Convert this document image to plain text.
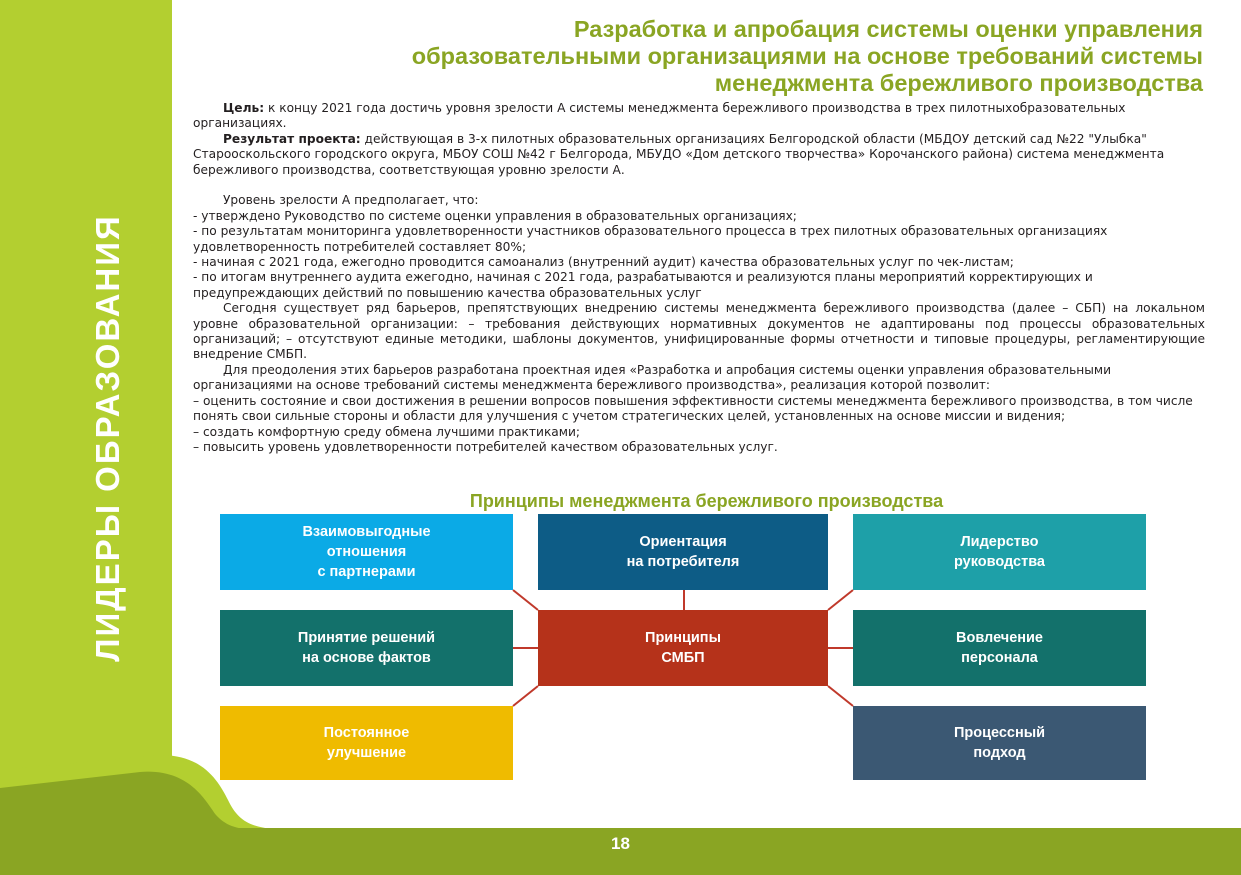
ЛИДЕРЫ ОБРАЗОВАНИЯ
18
Разработка и апробация системы оценки управления
образовательными организациями на основе требований системы
менеджмента бережливого производства

Цель: к концу 2021 года достичь уровня зрелости А системы менеджмента бережливого производства в трех пилотныхобразовательных организациях.

Результат проекта: действующая в 3-х пилотных образовательных организациях Белгородской области (МБДОУ детский сад №22 "Улыбка" Старооскольского городского округа, МБОУ СОШ №42 г Белгорода, МБУДО «Дом детского творчества» Корочанского района) система менеджмента бережливого производства, соответствующая уровню зрелости А.

Уровень зрелости А предполагает, что:

- утверждено Руководство по системе оценки управления в образовательных организациях;

- по результатам мониторинга удовлетворенности участников образовательного процесса в трех пилотных образовательных организациях удовлетворенность потребителей составляет 80%;

- начиная с 2021 года, ежегодно проводится самоанализ (внутренний аудит) качества образовательных услуг по чек-листам;

- по итогам внутреннего аудита ежегодно, начиная с 2021 года, разрабатываются и реализуются планы мероприятий корректирующих и предупреждающих действий по повышению качества образовательных услуг

Сегодня существует ряд барьеров, препятствующих внедрению системы менеджмента бережливого производства (далее – СБП) на локальном уровне образовательной организации: – требования действующих нормативных документов не адаптированы под процессы образовательных организаций; – отсутствуют единые методики, шаблоны документов, унифицированные формы отчетности и типовые процедуры, регламентирующие внедрение СМБП.

Для преодоления этих барьеров разработана проектная идея «Разработка и апробация системы оценки управления образовательными организациями на основе требований системы менеджмента бережливого производства», реализация которой позволит:

– оценить состояние и свои достижения в решении вопросов повышения эффективности системы менеджмента бережливого производства, в том числе понять свои сильные стороны и области для улучшения с учетом стратегических целей, установленных на основе миссии и видения;

– создать комфортную среду обмена лучшими практиками;

– повысить уровень удовлетворенности потребителей качеством образовательных услуг.

Принципы менеджмента бережливого производства
Взаимовыгодные
отношения
с партнерами
Ориентация
на потребителя
Лидерство
руководства
Принятие решений
на основе фактов
Принципы
СМБП
Вовлечение
персонала
Постоянное
улучшение
Процессный
подход
